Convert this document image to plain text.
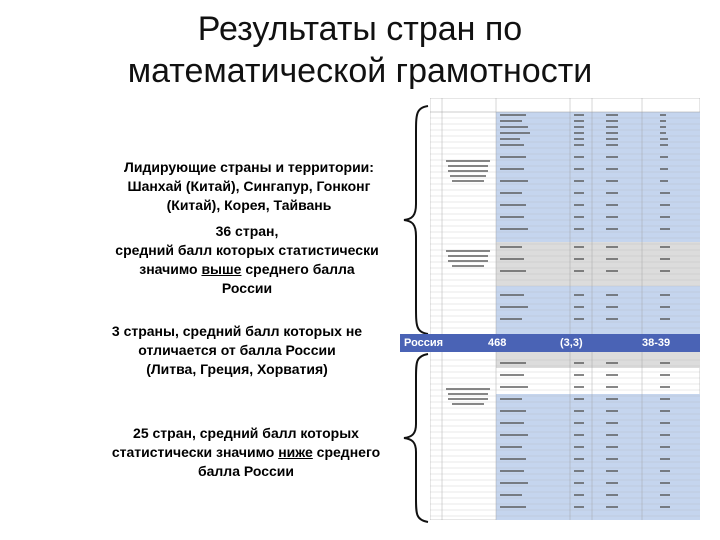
Результаты стран по
математической грамотности
Лидирующие страны и территории:
Шанхай (Китай), Сингапур, Гонконг
(Китай), Корея, Тайвань
36 стран,
средний балл которых статистически
значимо выше среднего балла
России
3 страны, средний балл которых не
отличается от балла России
(Литва, Греция, Хорватия)
25 стран, средний балл которых
статистически значимо ниже среднего
балла России
Россия	468	(3,3)	38-39
